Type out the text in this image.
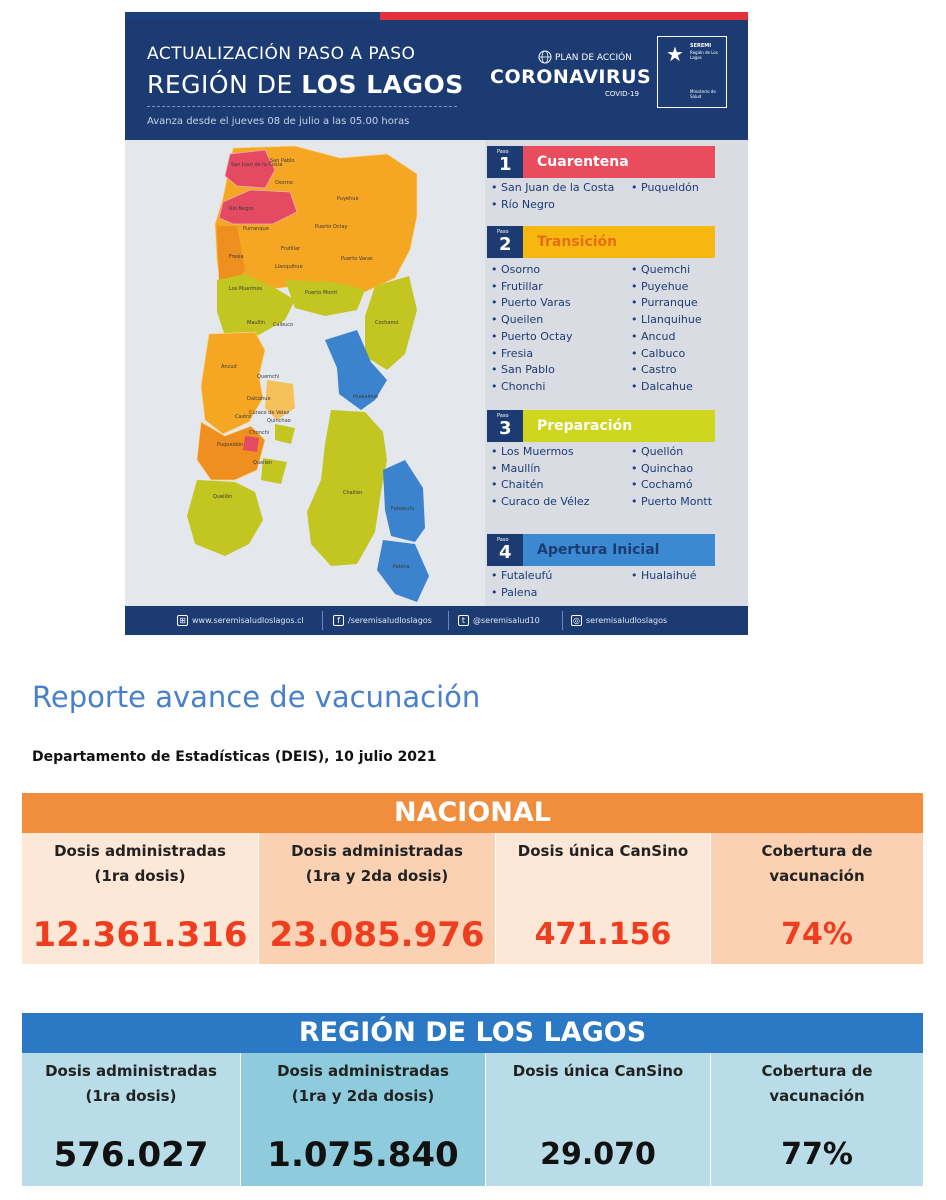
ACTUALIZACIÓN PASO A PASO
REGIÓN DE LOS LAGOS
Avanza desde el jueves 08 de julio a las 05.00 horas
PLAN DE ACCIÓN
CORONAVIRUS
COVID-19
★	SEREMI
Región de Los Lagos
Ministerio de Salud
San Juan de la Costa
San Pablo
Osorno
Río Negro
Puyehue
Purranque	Puerto Octay
Fresia
Frutillar
Llanquihue
Puerto Varas
Los Muermos
Puerto Montt
Maullín Calbuco	Cochamó
Ancud
Quemchi
Hualaihué
Dalcahue
Castro
Curaco de Vélez
Quinchao
Chonchi
Puqueldón
Queilen
Chaitén
Quellón
Futaleufú
Palena
Paso
1	Cuarentena
• San Juan de la Costa
• Río Negro
• Puqueldón
Paso
2	Transición
• Osorno
• Frutillar
• Puerto Varas
• Queilen
• Puerto Octay
• Fresia
• San Pablo
• Chonchi
• Quemchi
• Puyehue
• Purranque
• Llanquihue
• Ancud
• Calbuco
• Castro
• Dalcahue
Paso
3	Preparación
• Los Muermos
• Maullín
• Chaitén
• Curaco de Vélez
• Quellón
• Quinchao
• Cochamó
• Puerto Montt
Paso
4	Apertura Inicial
• Futaleufú
• Palena
• Hualaihué
⊞ www.seremisaludloslagos.cl	f /seremisaludloslagos	t @seremisalud10	◎ seremisaludloslagos
Reporte avance de vacunación
Departamento de Estadísticas (DEIS), 10 julio 2021
NACIONAL
Dosis administradas
(1ra dosis)
12.361.316
Dosis administradas
(1ra y 2da dosis)
23.085.976
Dosis única CanSino
471.156
Cobertura de
vacunación
74%
REGIÓN DE LOS LAGOS
Dosis administradas
(1ra dosis)
576.027
Dosis administradas
(1ra y 2da dosis)
1.075.840
Dosis única CanSino
29.070
Cobertura de
vacunación
77%
